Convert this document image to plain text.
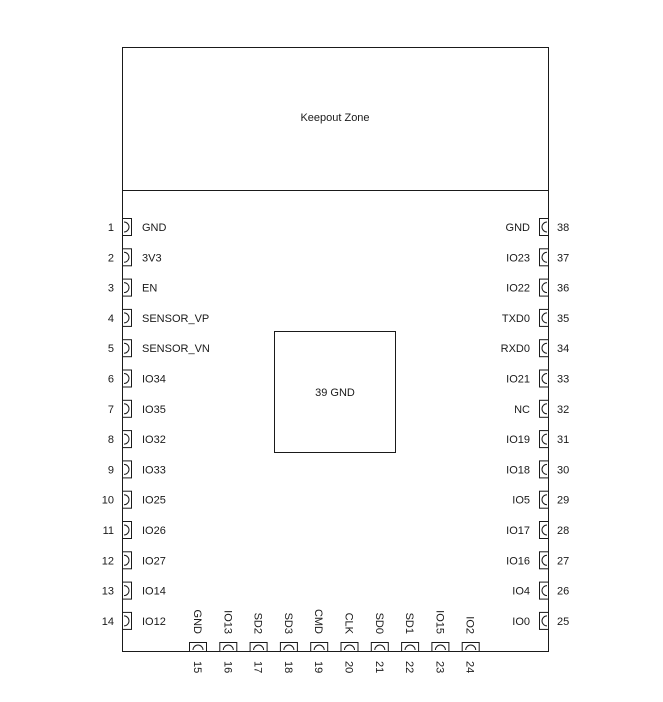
Keepout Zone
39 GND
1	GND
2	3V3
3	EN
4	SENSOR_VP
5	SENSOR_VN
6	IO34
7	IO35
8	IO32
9	IO33
10	IO25
11	IO26
12	IO27
13	IO14
14	IO12
38
GND
37
IO23
36
IO22
35
TXD0
34
RXD0
33
IO21
32
NC
31
IO19
30
IO18
29
IO5
28
IO17
27
IO16
26
IO4
25
IO0
GND
15
IO13
16
SD2
17
SD3
18
CMD
19
CLK
20
SD0
21
SD1
22
IO15
23
IO2
24
